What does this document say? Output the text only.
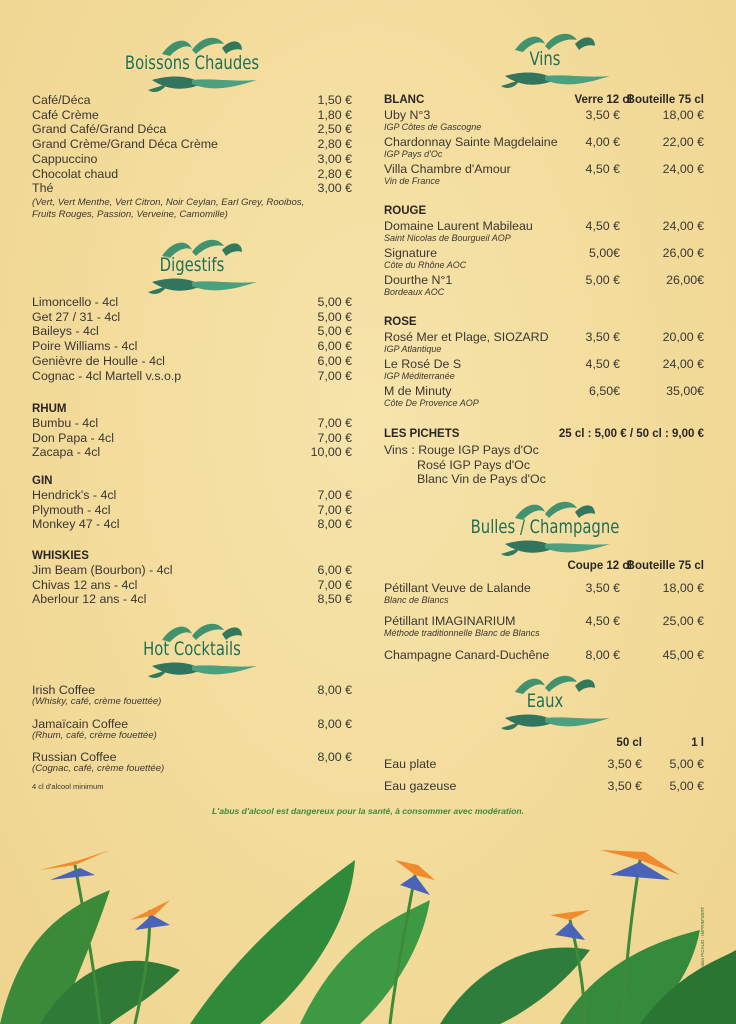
Boissons Chaudes
Café/Déca	1,50 €
Café Crème	1,80 €
Grand Café/Grand Déca	2,50 €
Grand Crème/Grand Déca Crème	2,80 €
Cappuccino	3,00 €
Chocolat chaud	2,80 €
Thé	3,00 €
(Vert, Vert Menthe, Vert Citron, Noir Ceylan, Earl Grey, Rooibos,
Fruits Rouges, Passion, Verveine, Camomille)
Digestifs
Limoncello - 4cl	5,00 €
Get 27 / 31 - 4cl	5,00 €
Baileys - 4cl	5,00 €
Poire Williams - 4cl	6,00 €
Genièvre de Houlle - 4cl	6,00 €
Cognac - 4cl Martell v.s.o.p	7,00 €
RHUM
Bumbu - 4cl	7,00 €
Don Papa - 4cl	7,00 €
Zacapa - 4cl	10,00 €
GIN
Hendrick's - 4cl	7,00 €
Plymouth - 4cl	7,00 €
Monkey 47 - 4cl	8,00 €
WHISKIES
Jim Beam (Bourbon) - 4cl	6,00 €
Chivas 12 ans - 4cl	7,00 €
Aberlour 12 ans - 4cl	8,50 €
Hot Cocktails
Irish Coffee	8,00 €
(Whisky, café, crème fouettée)
Jamaïcain Coffee	8,00 €
(Rhum, café, crème fouettée)
Russian Coffee	8,00 €
(Cognac, café, crème fouettée)
4 cl d'alcool minimum
Vins
Verre 12 cl
Bouteille 75 cl
BLANC
Uby N°3	3,50 €	18,00 €
IGP Côtes de Gascogne
Chardonnay Sainte Magdelaine	4,00 €	22,00 €
IGP Pays d'Oc
Villa Chambre d'Amour	4,50 €	24,00 €
Vin de France
ROUGE
Domaine Laurent Mabileau	4,50 €	24,00 €
Saint Nicolas de Bourgueil AOP
Signature	5,00€	26,00 €
Côte du Rhône AOC
Dourthe N°1	5,00 €	26,00€
Bordeaux AOC
ROSE
Rosé Mer et Plage, SIOZARD	3,50 €	20,00 €
IGP Atlantique
Le Rosé De S	4,50 €	24,00 €
IGP Méditerranée
M de Minuty	6,50€	35,00€
Côte De Provence AOP
LES PICHETS	25 cl : 5,00 € / 50 cl : 9,00 €
Vins : Rouge IGP Pays d'Oc
Rosé IGP Pays d'Oc
Blanc Vin de Pays d'Oc
Bulles / Champagne
Coupe 12 cl
Bouteille 75 cl
Pétillant Veuve de Lalande	3,50 €	18,00 €
Blanc de Blancs
Pétillant IMAGINARIUM	4,50 €	25,00 €
Méthode traditionnelle Blanc de Blancs
Champagne Canard-Duchêne	8,00 €	45,00 €
Eaux
50 cl	1 l
Eau plate	3,50 €	5,00 €
Eau gazeuse	3,50 €	5,00 €
L'abus d'alcool est dangereux pour la santé, à consommer avec modération.
Impression PICAUD · IMPRIM'VERT
